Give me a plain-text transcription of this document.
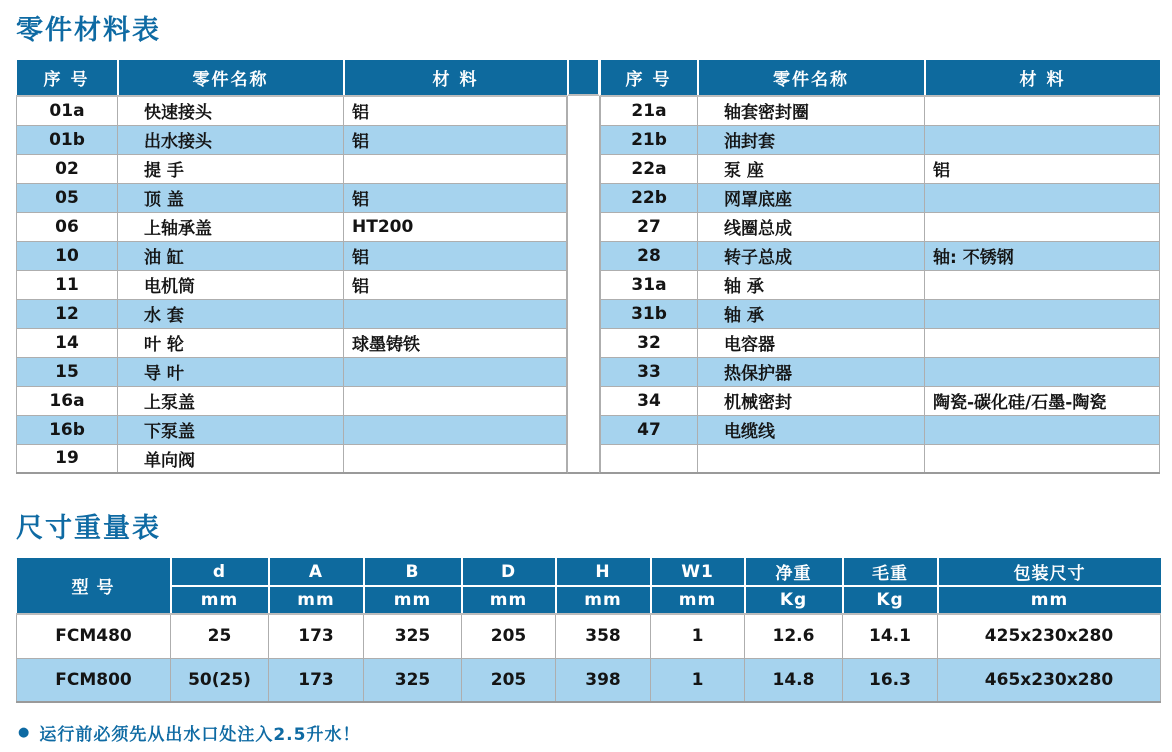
零件材料表
序 号	零件名称	材 料
01a	快速接头	铝
01b	出水接头	铝
02	提 手	
05	顶 盖	铝
06	上轴承盖	HT200
10	油 缸	铝
11	电机筒	铝
12	水 套	
14	叶 轮	球墨铸铁
15	导 叶	
16a	上泵盖	
16b	下泵盖	
19	单向阀	
序 号	零件名称	材 料
21a	轴套密封圈	
21b	油封套	
22a	泵 座	铝
22b	网罩底座	
27	线圈总成	
28	转子总成	轴: 不锈钢
31a	轴 承	
31b	轴 承	
32	电容器	
33	热保护器	
34	机械密封	陶瓷-碳化硅/石墨-陶瓷
47	电缆线	

尺寸重量表
型 号	d	A	B	D	H	W1	净重	毛重	包装尺寸
	mm	mm	mm	mm	mm	mm	Kg	Kg	mm
FCM480	25	173	325	205	358	1	12.6	14.1	425x230x280
FCM800	50(25)	173	325	205	398	1	14.8	16.3	465x230x280
● 运行前必须先从出水口处注入2.5升水！
